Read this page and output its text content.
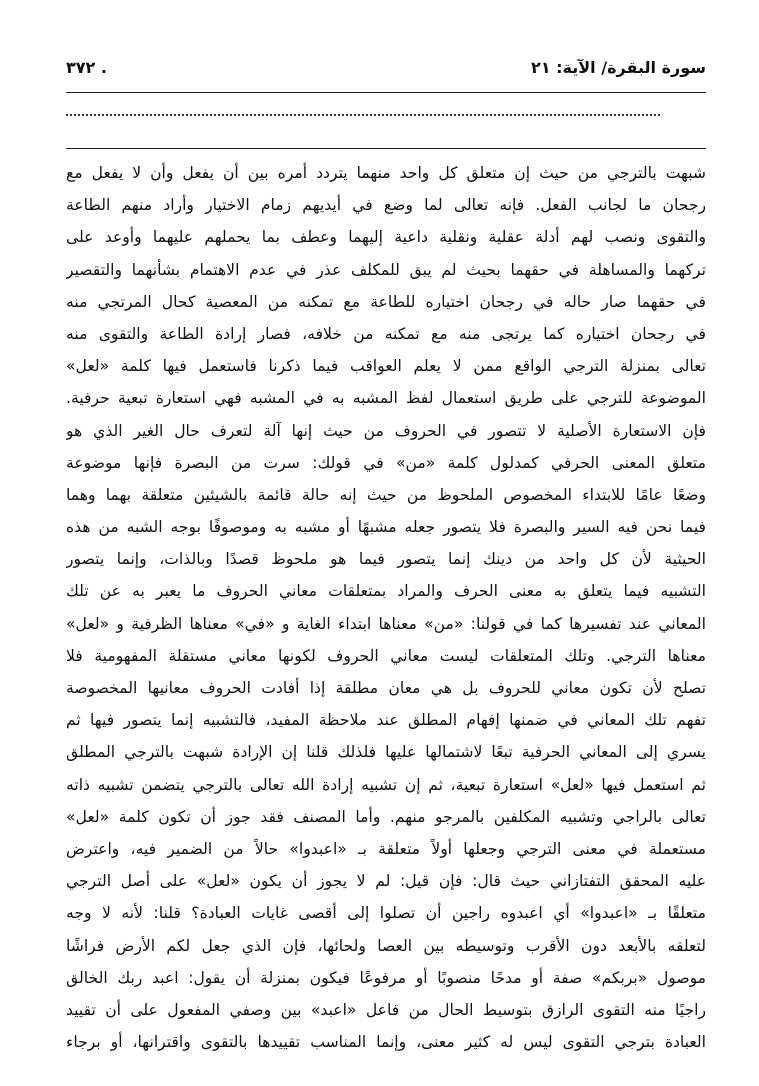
سورة البقرة/ الآية: ٢١
٣٧٢ .
شبهت بالترجي من حيث إن متعلق كل واحد منهما يتردد أمره بين أن يفعل وأن لا يفعل مع
رجحان ما لجانب الفعل. فإنه تعالى لما وضع في أيديهم زمام الاختيار وأراد منهم الطاعة
والتقوى ونصب لهم أدلة عقلية ونقلية داعية إليهما وعطف بما يحملهم عليهما وأوعد على
تركهما والمساهلة في حقهما بحيث لم يبق للمكلف عذر في عدم الاهتمام بشأنهما والتقصير
في حقهما صار حاله في رجحان اختياره للطاعة مع تمكنه من المعصية كحال المرتجي منه
في رجحان اختياره كما يرتجى منه مع تمكنه من خلافه، فصار إرادة الطاعة والتقوى منه
تعالى بمنزلة الترجي الواقع ممن لا يعلم العواقب فيما ذكرنا فاستعمل فيها كلمة «لعل»
الموضوعة للترجي على طريق استعمال لفظ المشبه به في المشبه فهي استعارة تبعية حرفية.
فإن الاستعارة الأصلية لا تتصور في الحروف من حيث إنها آلة لتعرف حال الغير الذي هو
متعلق المعنى الحرفي كمدلول كلمة «من» في قولك: سرت من البصرة فإنها موضوعة
وضعًا عامًا للابتداء المخصوص الملحوظ من حيث إنه حالة قائمة بالشيئين متعلقة بهما وهما
فيما نحن فيه السير والبصرة فلا يتصور جعله مشبهًا أو مشبه به وموصوفًا بوجه الشبه من هذه
الحيثية لأن كل واحد من دينك إنما يتصور فيما هو ملحوظ قصدًا وبالذات، وإنما يتصور
التشبيه فيما يتعلق به معنى الحرف والمراد بمتعلقات معاني الحروف ما يعبر به عن تلك
المعاني عند تفسيرها كما في قولنا: «من» معناها ابتداء الغاية و «في» معناها الظرفية و «لعل»
معناها الترجي. وتلك المتعلقات ليست معاني الحروف لكونها معاني مستقلة المفهومية فلا
تصلح لأن تكون معاني للحروف بل هي معان مطلقة إذا أفادت الحروف معانيها المخصوصة
تفهم تلك المعاني في ضمنها إفهام المطلق عند ملاحظة المفيد، فالتشبيه إنما يتصور فيها ثم
يسري إلى المعاني الحرفية تبعًا لاشتمالها عليها فلذلك قلنا إن الإرادة شبهت بالترجي المطلق
ثم استعمل فيها «لعل» استعارة تبعية، ثم إن تشبيه إرادة الله تعالى بالترجي يتضمن تشبيه ذاته
تعالى بالراجي وتشبيه المكلفين بالمرجو منهم. وأما المصنف فقد جوز أن تكون كلمة «لعل»
مستعملة في معنى الترجي وجعلها أولاً متعلقة بـ «اعبدوا» حالاً من الضمير فيه، واعترض
عليه المحقق التفتازاني حيث قال: فإن قيل: لم لا يجوز أن يكون «لعل» على أصل الترجي
متعلقًا بـ «اعبدوا» أي اعبدوه راجين أن تصلوا إلى أقصى غايات العبادة؟ قلنا: لأنه لا وجه
لتعلقه بالأبعد دون الأقرب وتوسيطه بين العصا ولحائها، فإن الذي جعل لكم الأرض فراشًا
موصول «بربكم» صفة أو مدحًا منصوبًا أو مرفوعًا فيكون بمنزلة أن يقول: اعبد ربك الخالق
راجيًا منه التقوى الرازق بتوسيط الحال من فاعل «اعبد» بين وصفي المفعول على أن تقييد
العبادة بترجي التقوى ليس له كثير معنى، وإنما المناسب تقييدها بالتقوى واقترانها، أو برجاء
